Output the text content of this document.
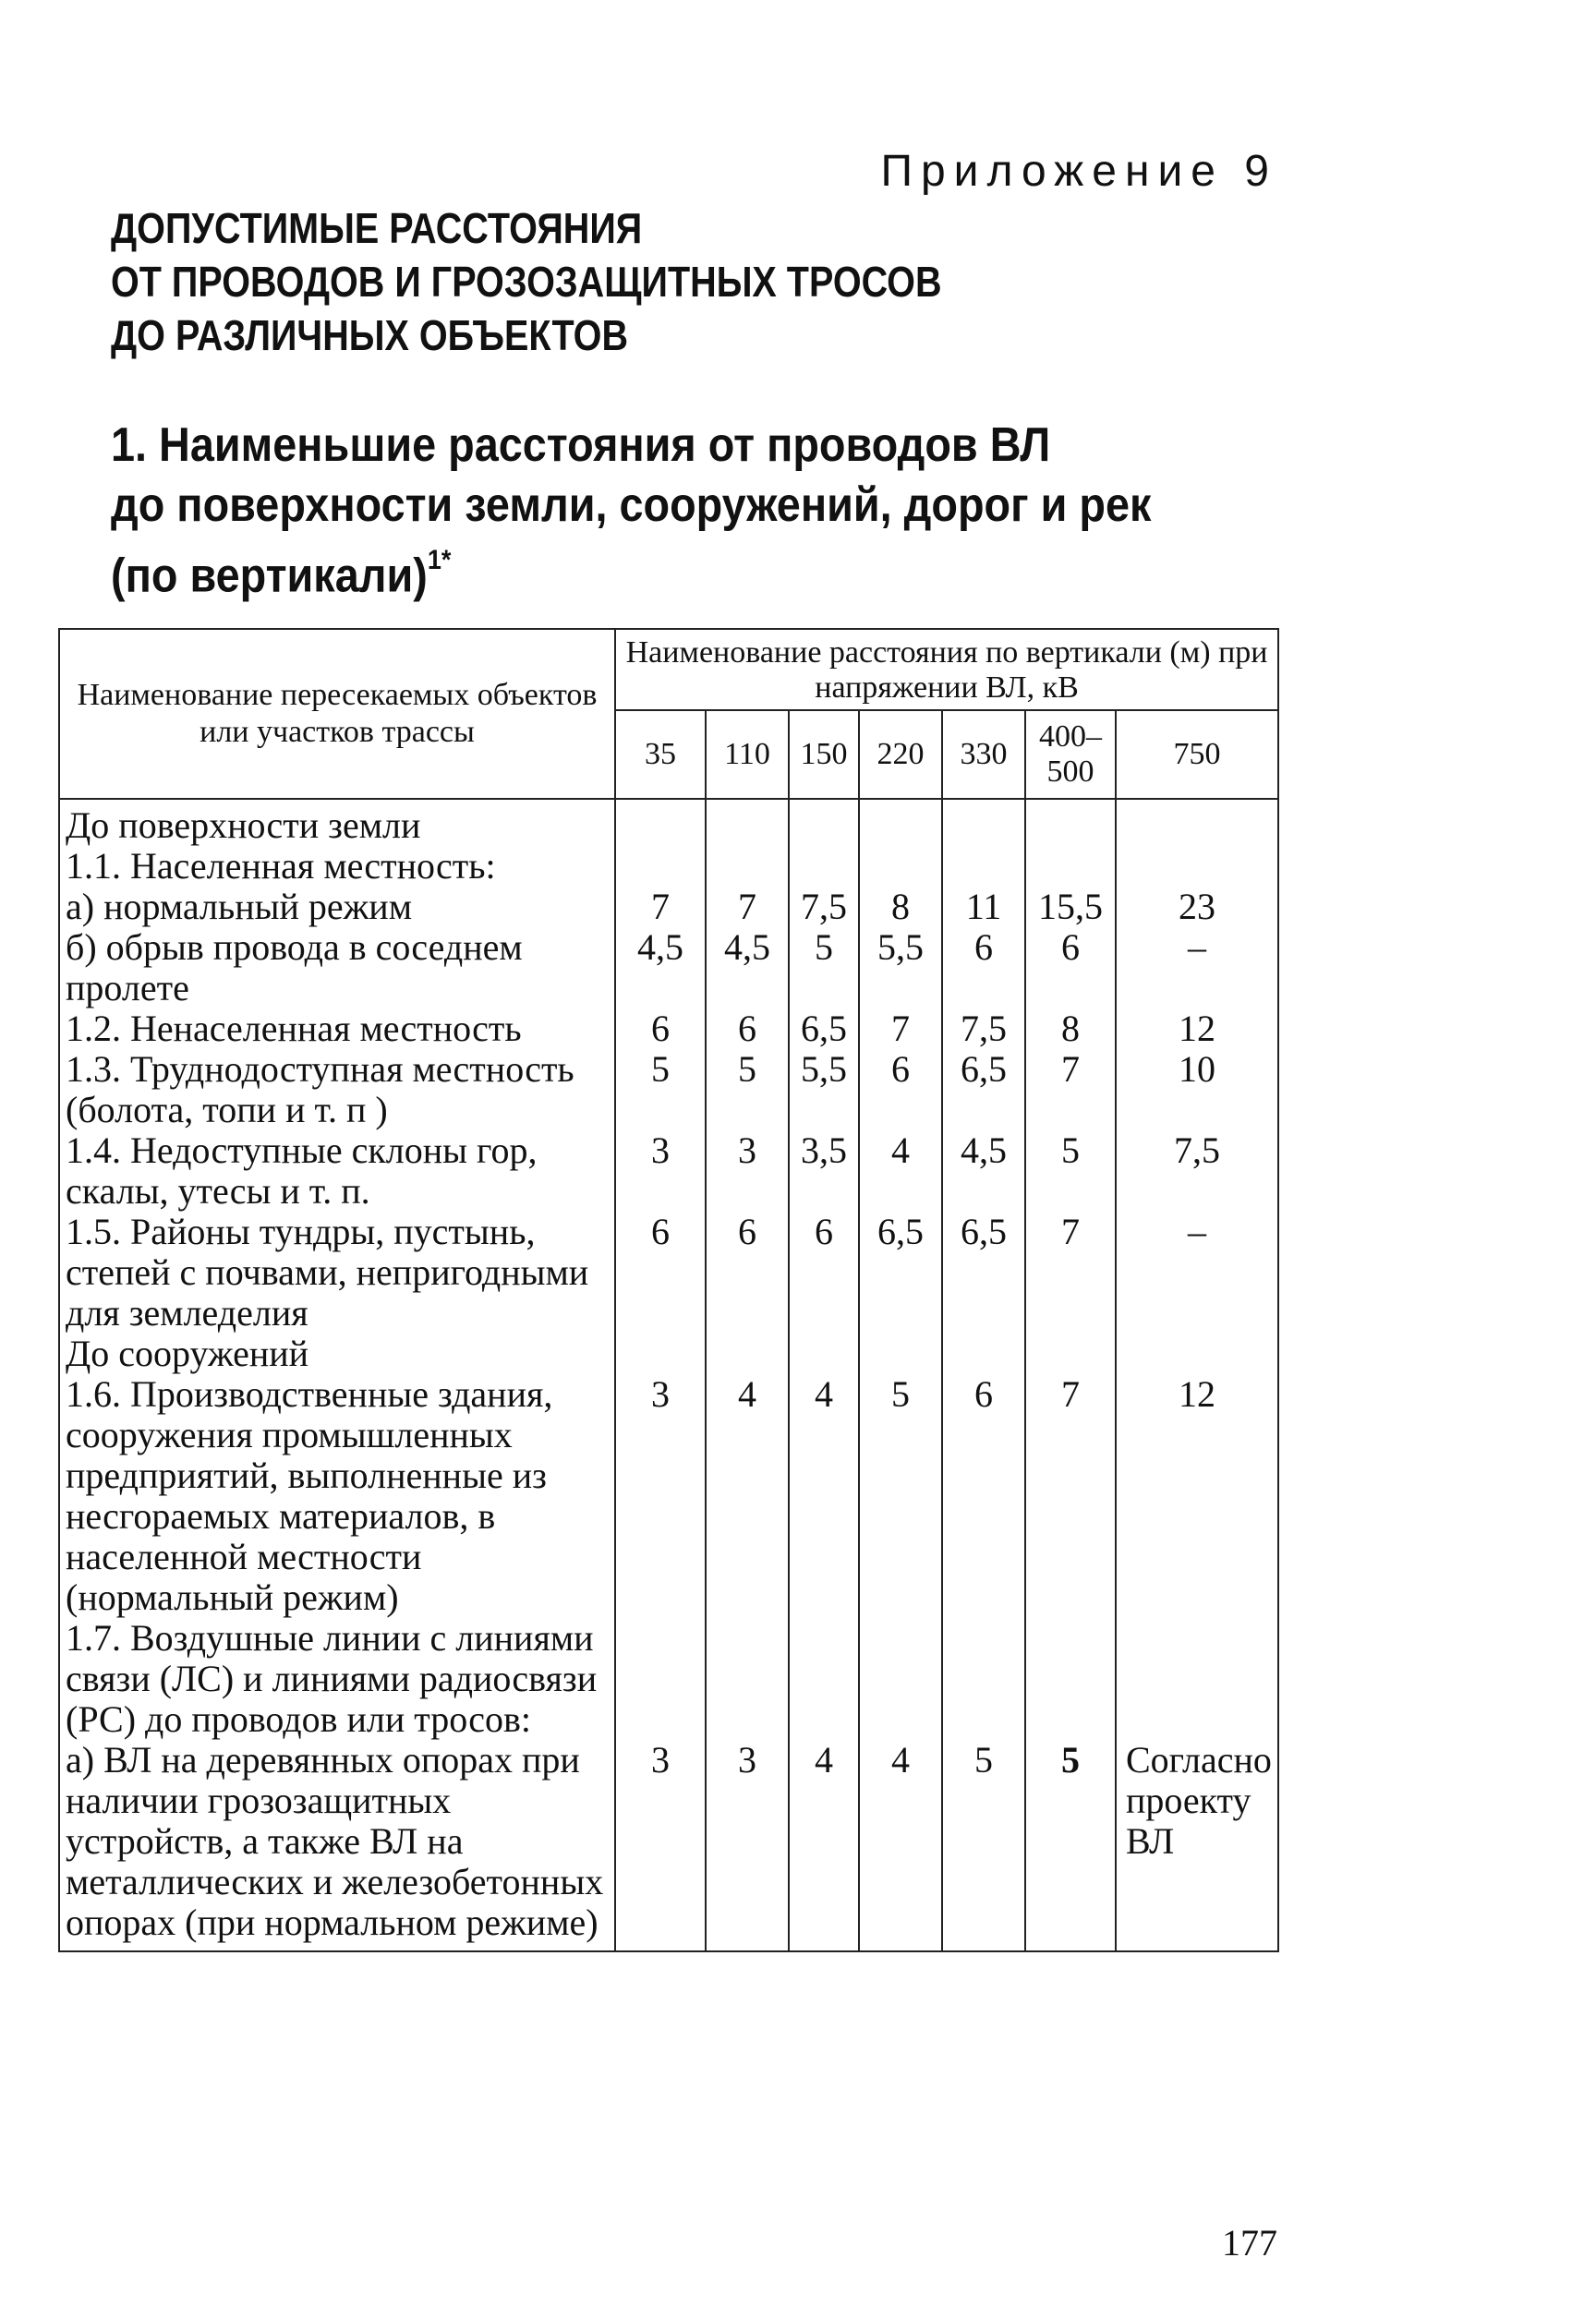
Приложение 9
ДОПУСТИМЫЕ РАССТОЯНИЯ
ОТ ПРОВОДОВ И ГРОЗОЗАЩИТНЫХ ТРОСОВ
ДО РАЗЛИЧНЫХ ОБЪЕКТОВ
1. Наименьшие расстояния от проводов ВЛ
до поверхности земли, сооружений, дорог и рек
(по вертикали)$^{1*}$
Наименование пересекаемых объектов или участков трассы	Наименование расстояния по вертикали (м) при напряжении ВЛ, кВ						
	35	110	150	220	330	400–500	750
До поверхности земли							
1.1. Населенная местность:							
а) нормальный режим	7	7	7,5	8	11	15,5	23
б) обрыв провода в соседнем пролете	4,5	4,5	5	5,5	6	6	–
1.2. Ненаселенная местность	6	6	6,5	7	7,5	8	12
1.3. Труднодоступная местность (болота, топи и т. п )	5	5	5,5	6	6,5	7	10
1.4. Недоступные склоны гор, скалы, утесы и т. п.	3	3	3,5	4	4,5	5	7,5
1.5. Районы тундры, пустынь, степей с почвами, непригодными для земледелия	6	6	6	6,5	6,5	7	–
До сооружений							
1.6. Производственные здания, сооружения промышленных предприятий, выполненные из несгораемых материалов, в населенной местности (нормальный режим)	3	4	4	5	6	7	12
1.7. Воздушные линии с линиями связи (ЛС) и линиями радиосвязи (РС) до проводов или тросов:							
а) ВЛ на деревянных опорах при наличии грозозащитных устройств, а также ВЛ на металлических и железобетонных опорах (при нормальном режиме)	3	3	4	4	5	5	Согласно проекту ВЛ
177
